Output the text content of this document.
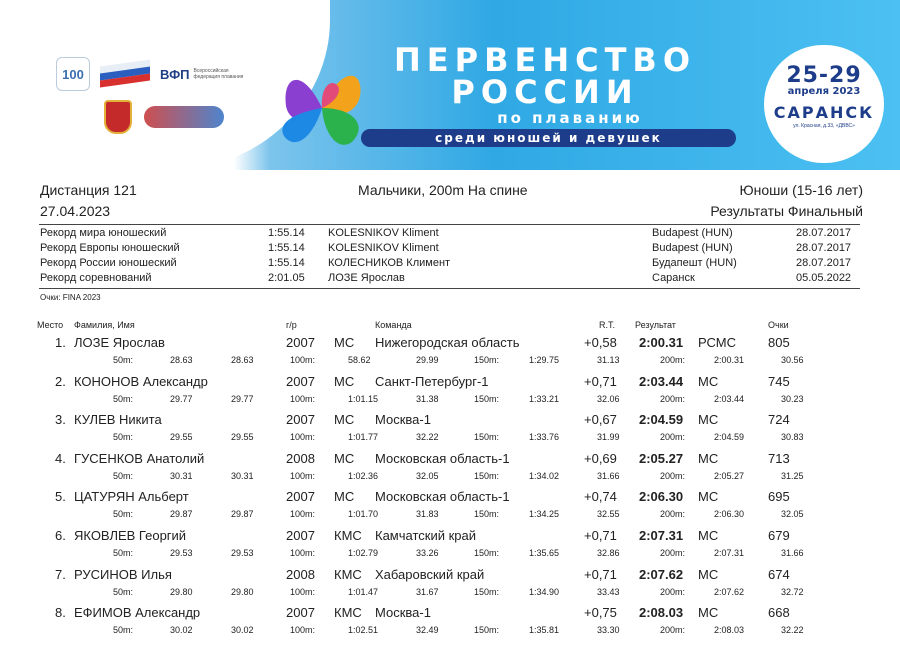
100	ВФП Всероссийская федерация плавания	ПЕРВЕНСТВО
РОССИИ
по плаванию
среди юношей и девушек
25-29
апреля 2023
САРАНСК
ул. Красная, д.33, «ДВВС»
Дистанция 121
27.04.2023
Мальчики, 200m На спине	Юноши (15-16 лет)
Результаты Финальный
Рекорд мира юношеский	1:55.14 KOLESNIKOV Kliment	Budapest (HUN)	28.07.2017
Рекорд Европы юношеский	1:55.14 KOLESNIKOV Kliment	Budapest (HUN)	28.07.2017
Рекорд России юношеский	1:55.14 КОЛЕСНИКОВ Климент	Будапешт (HUN)	28.07.2017
Рекорд соревнований	2:01.05 ЛОЗЕ Ярослав	Саранск	05.05.2022
Очки: FINA 2023
Место Фамилия, Имя	г/р	Команда	R.T. Результат	Очки
1. ЛОЗЕ Ярослав	2007 МС Нижегородская область	+0,58 2:00.31 РСМС 805
50m:	28.63	28.63	100m:	58.62	29.99	150m:	1:29.75	31.13	200m:	2:00.31	30.56
2. КОНОНОВ Александр	2007 МС Санкт-Петербург-1	+0,71 2:03.44 МС	745
50m:	29.77	29.77	100m:	1:01.15	31.38	150m:	1:33.21	32.06	200m:	2:03.44	30.23
3. КУЛЕВ Никита	2007 МС Москва-1	+0,67 2:04.59 МС	724
50m:	29.55	29.55	100m:	1:01.77	32.22	150m:	1:33.76	31.99	200m:	2:04.59	30.83
4. ГУСЕНКОВ Анатолий	2008 МС Московская область-1	+0,69 2:05.27 МС	713
50m:	30.31	30.31	100m:	1:02.36	32.05	150m:	1:34.02	31.66	200m:	2:05.27	31.25
5. ЦАТУРЯН Альберт	2007 МС Московская область-1	+0,74 2:06.30 МС	695
50m:	29.87	29.87	100m:	1:01.70	31.83	150m:	1:34.25	32.55	200m:	2:06.30	32.05
6. ЯКОВЛЕВ Георгий	2007 КМС Камчатский край	+0,71 2:07.31 МС	679
50m:	29.53	29.53	100m:	1:02.79	33.26	150m:	1:35.65	32.86	200m:	2:07.31	31.66
7. РУСИНОВ Илья	2008 КМС Хабаровский край	+0,71 2:07.62 МС	674
50m:	29.80	29.80	100m:	1:01.47	31.67	150m:	1:34.90	33.43	200m:	2:07.62	32.72
8. ЕФИМОВ Александр	2007 КМС Москва-1	+0,75 2:08.03 МС	668
50m:	30.02	30.02	100m:	1:02.51	32.49	150m:	1:35.81	33.30	200m:	2:08.03	32.22
